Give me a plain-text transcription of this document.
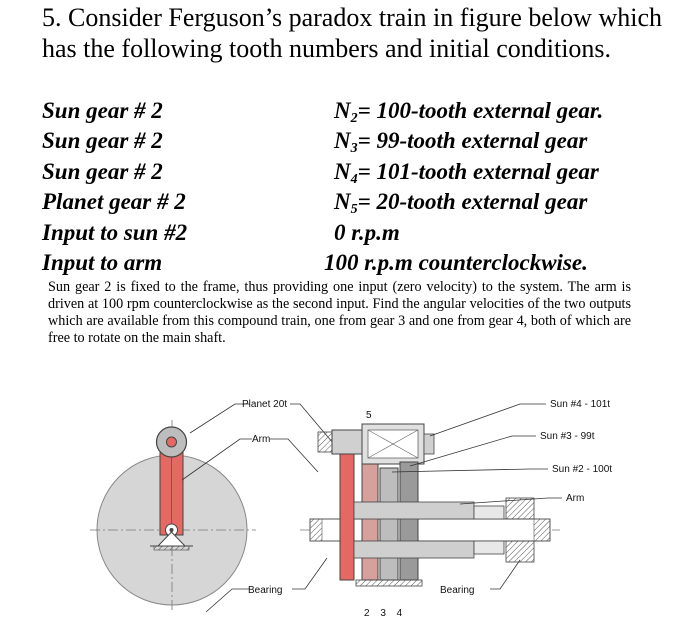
5. Consider Ferguson’s paradox train in figure below which has the following tooth numbers and initial conditions.
Sun gear # 2	$N_2=$ 100-tooth external gear.
Sun gear # 2	$N_3=$ 99-tooth external gear
Sun gear # 2	$N_4=$ 101-tooth external gear
Planet gear # 2	$N_5=$ 20-tooth external gear
Input to sun #2	0 r.p.m
Input to arm	100 r.p.m counterclockwise.
Sun gear 2 is fixed to the frame, thus providing one input (zero velocity) to the system. The arm is driven at 100 rpm counterclockwise as the second input. Find the angular velocities of the two outputs which are available from this compound train, one from gear 3 and one from gear 4, both of which are free to rotate on the main shaft.
Planet 20t
Arm
Bearing
5
Sun #4 - 101t
Sun #3 - 99t
Sun #2 - 100t
Arm
Bearing
2 3 4
